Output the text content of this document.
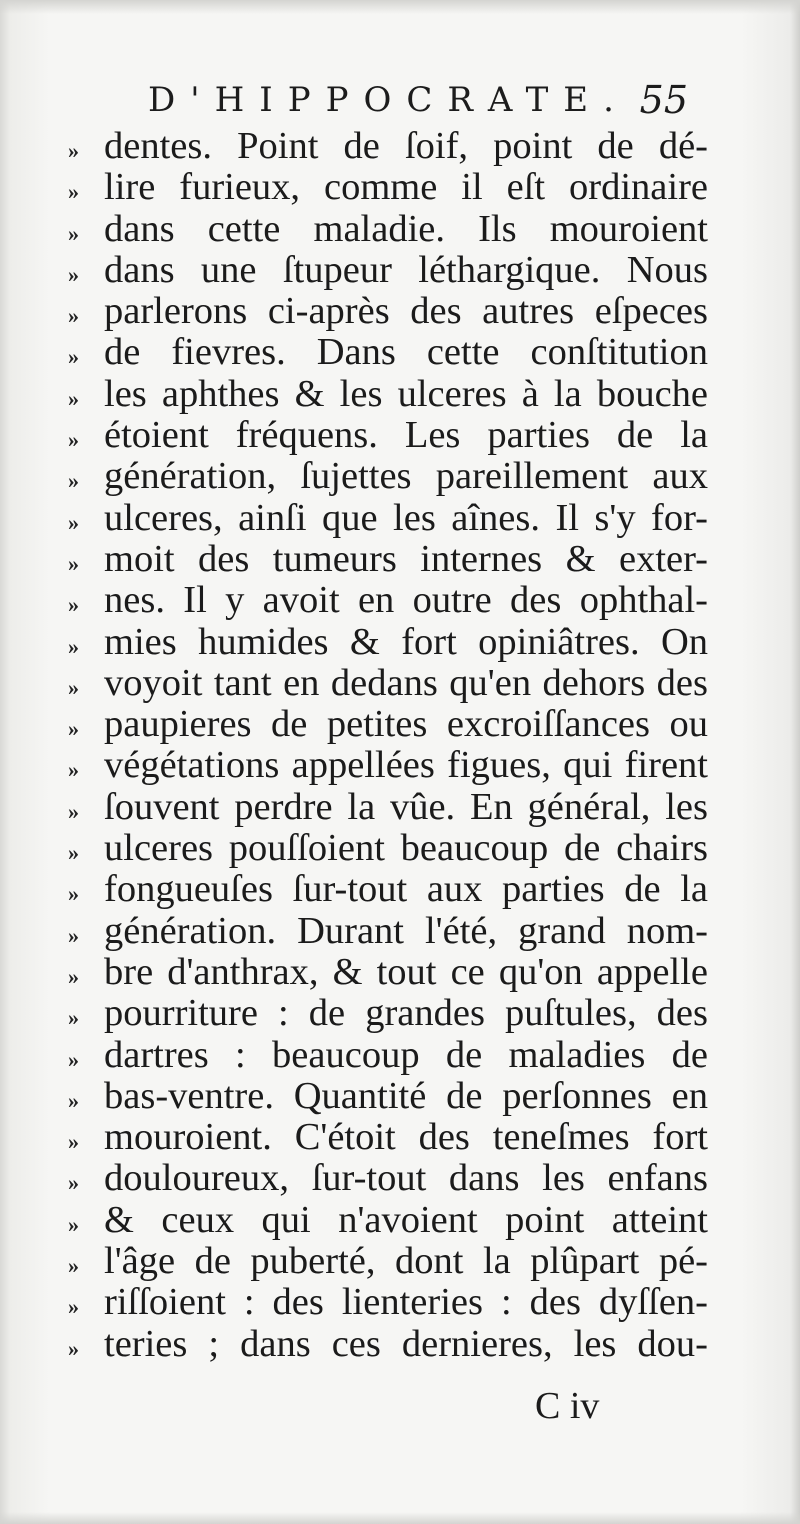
D'HIPPOCRATE. 55
» dentes. Point de ſoif, point de dé-
» lire furieux, comme il eſt ordinaire
» dans cette maladie. Ils mouroient
» dans une ſtupeur léthargique. Nous
» parlerons ci-après des autres eſpeces
» de fievres. Dans cette conſtitution
» les aphthes & les ulceres à la bouche
» étoient fréquens. Les parties de la
» génération, ſujettes pareillement aux
» ulceres, ainſi que les aînes. Il s'y for-
» moit des tumeurs internes & exter-
» nes. Il y avoit en outre des ophthal-
» mies humides & fort opiniâtres. On
» voyoit tant en dedans qu'en dehors des
» paupieres de petites excroiſſances ou
» végétations appellées figues, qui firent
» ſouvent perdre la vûe. En général, les
» ulceres pouſſoient beaucoup de chairs
» fongueuſes ſur-tout aux parties de la
» génération. Durant l'été, grand nom-
» bre d'anthrax, & tout ce qu'on appelle
» pourriture : de grandes puſtules, des
» dartres : beaucoup de maladies de
» bas-ventre. Quantité de perſonnes en
» mouroient. C'étoit des teneſmes fort
» douloureux, ſur-tout dans les enfans
» & ceux qui n'avoient point atteint
» l'âge de puberté, dont la plûpart pé-
» riſſoient : des lienteries : des dyſſen-
» teries ; dans ces dernieres, les dou-
C iv
